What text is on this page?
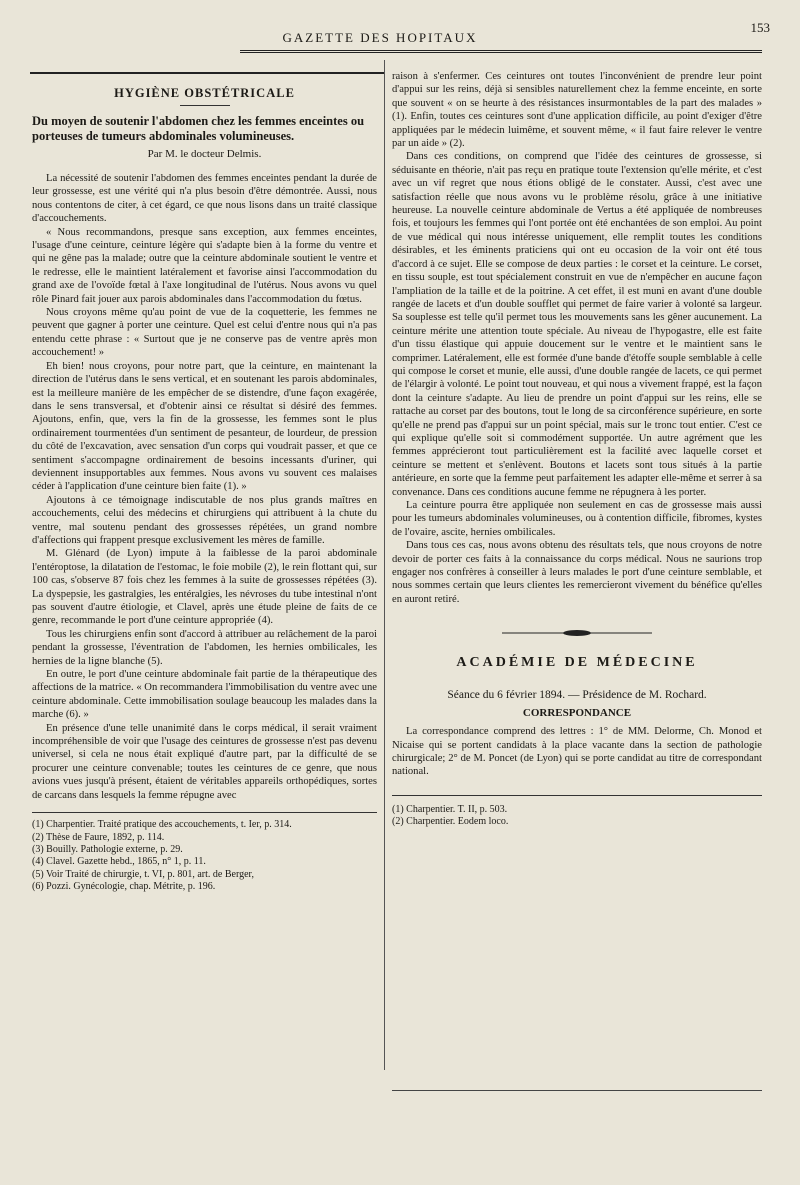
GAZETTE DES HOPITAUX
153
HYGIÈNE OBSTÉTRICALE
Du moyen de soutenir l'abdomen chez les femmes enceintes ou porteuses de tumeurs abdominales volumineuses.
Par M. le docteur Delmis.

La nécessité de soutenir l'abdomen des femmes enceintes pendant la durée de leur grossesse, est une vérité qui n'a plus besoin d'être démontrée. Aussi, nous nous contentons de citer, à cet égard, ce que nous lisons dans un traité classique d'accouchements.

« Nous recommandons, presque sans exception, aux femmes enceintes, l'usage d'une ceinture, ceinture légère qui s'adapte bien à la forme du ventre et qui ne gêne pas la malade; outre que la ceinture abdominale soutient le ventre et le redresse, elle le maintient latéralement et favorise ainsi l'accommodation du grand axe de l'ovoïde fœtal à l'axe longitudinal de l'utérus. Nous avons vu quel rôle Pinard fait jouer aux parois abdominales dans l'accommodation du fœtus.

Nous croyons même qu'au point de vue de la coquetterie, les femmes ne peuvent que gagner à porter une ceinture. Quel est celui d'entre nous qui n'a pas entendu cette phrase : « Surtout que je ne conserve pas de ventre après mon accouchement! »

Eh bien! nous croyons, pour notre part, que la ceinture, en maintenant la direction de l'utérus dans le sens vertical, et en soutenant les parois abdominales, est la meilleure manière de les empêcher de se distendre, d'une façon exagérée, dans le sens transversal, et d'obtenir ainsi ce résultat si désiré des femmes. Ajoutons, enfin, que, vers la fin de la grossesse, les femmes sont le plus ordinairement tourmentées d'un sentiment de pesanteur, de lourdeur, de pression du côté de l'excavation, avec sensation d'un corps qui voudrait passer, et que ce sentiment s'accompagne ordinairement de besoins incessants d'uriner, qui deviennent insupportables aux femmes. Nous avons vu souvent ces malaises céder à l'application d'une ceinture bien faite (1). »

Ajoutons à ce témoignage indiscutable de nos plus grands maîtres en accouchements, celui des médecins et chirurgiens qui attribuent à la chute du ventre, mal soutenu pendant des grossesses répétées, un grand nombre d'affections qui frappent presque exclusivement les mères de famille.

M. Glénard (de Lyon) impute à la faiblesse de la paroi abdominale l'entéroptose, la dilatation de l'estomac, le foie mobile (2), le rein flottant qui, sur 100 cas, s'observe 87 fois chez les femmes à la suite de grossesses répétées (3). La dyspepsie, les gastralgies, les entéralgies, les névroses du tube intestinal n'ont pas souvent d'autre étiologie, et Clavel, après une étude pleine de faits de ce genre, recommande le port d'une ceinture appropriée (4).

Tous les chirurgiens enfin sont d'accord à attribuer au relâchement de la paroi pendant la grossesse, l'éventration de l'abdomen, les hernies ombilicales, les hernies de la ligne blanche (5).

En outre, le port d'une ceinture abdominale fait partie de la thérapeutique des affections de la matrice. « On recommandera l'immobilisation du ventre avec une ceinture abdominale. Cette immobilisation soulage beaucoup les malades dans la marche (6). »

En présence d'une telle unanimité dans le corps médical, il serait vraiment incompréhensible de voir que l'usage des ceintures de grossesse n'est pas devenu universel, si cela ne nous était expliqué d'autre part, par la difficulté de se procurer une ceinture convenable; toutes les ceintures de ce genre, que nous avions vues jusqu'à présent, étaient de véritables appareils orthopédiques, sortes de carcans dans lesquels la femme répugne avec

(1) Charpentier. Traité pratique des accouchements, t. Ier, p. 314.
(2) Thèse de Faure, 1892, p. 114.
(3) Bouilly. Pathologie externe, p. 29.
(4) Clavel. Gazette hebd., 1865, n° 1, p. 11.
(5) Voir Traité de chirurgie, t. VI, p. 801, art. de Berger,
(6) Pozzi. Gynécologie, chap. Métrite, p. 196.

raison à s'enfermer. Ces ceintures ont toutes l'inconvénient de prendre leur point d'appui sur les reins, déjà si sensibles naturellement chez la femme enceinte, en sorte que souvent « on se heurte à des résistances insurmontables de la part des malades » (1). Enfin, toutes ces ceintures sont d'une application difficile, au point d'exiger d'être appliquées par le médecin luimême, et souvent même, « il faut faire relever le ventre par un aide » (2).

Dans ces conditions, on comprend que l'idée des ceintures de grossesse, si séduisante en théorie, n'ait pas reçu en pratique toute l'extension qu'elle mérite, et c'est avec un vif regret que nous étions obligé de le constater. Aussi, c'est avec une satisfaction réelle que nous avons vu le problème résolu, grâce à une initiative heureuse. La nouvelle ceinture abdominale de Vertus a été appliquée de nombreuses fois, et toujours les femmes qui l'ont portée ont été enchantées de son emploi. Au point de vue médical qui nous intéresse uniquement, elle remplit toutes les conditions désirables, et les éminents praticiens qui ont eu occasion de la voir ont été tous d'accord à ce sujet. Elle se compose de deux parties : le corset et la ceinture. Le corset, en tissu souple, est tout spécialement construit en vue de n'empêcher en aucune façon l'ampliation de la taille et de la poitrine. A cet effet, il est muni en avant d'une double rangée de lacets et d'un double soufflet qui permet de faire varier à volonté sa largeur. Sa souplesse est telle qu'il permet tous les mouvements sans les gêner aucunement. La ceinture mérite une attention toute spéciale. Au niveau de l'hypogastre, elle est faite d'un tissu élastique qui appuie doucement sur le ventre et le maintient sans le comprimer. Latéralement, elle est formée d'une bande d'étoffe souple semblable à celle qui compose le corset et munie, elle aussi, d'une double rangée de lacets, ce qui permet de l'élargir à volonté. Le point tout nouveau, et qui nous a vivement frappé, est la façon dont la ceinture s'adapte. Au lieu de prendre un point d'appui sur les reins, elle se rattache au corset par des boutons, tout le long de sa circonférence supérieure, en sorte qu'elle ne prend pas d'appui sur un point spécial, mais sur le tronc tout entier. C'est ce qui explique qu'elle soit si commodément supportée. Un autre agrément que les femmes apprécieront tout particulièrement est la facilité avec laquelle corset et ceinture se mettent et s'enlèvent. Boutons et lacets sont tous situés à la partie antérieure, en sorte que la femme peut parfaitement les adapter elle-même et serrer à sa convenance. Dans ces conditions aucune femme ne répugnera à les porter.

La ceinture pourra être appliquée non seulement en cas de grossesse mais aussi pour les tumeurs abdominales volumineuses, ou à contention difficile, fibromes, kystes de l'ovaire, ascite, hernies ombilicales.

Dans tous ces cas, nous avons obtenu des résultats tels, que nous croyons de notre devoir de porter ces faits à la connaissance du corps médical. Nous ne saurions trop engager nos confrères à conseiller à leurs malades le port d'une ceinture semblable, et nous sommes certain que leurs clientes les remercieront vivement du bénéfice qu'elles en auront retiré.

ACADÉMIE DE MÉDECINE
Séance du 6 février 1894. — Présidence de M. Rochard.
CORRESPONDANCE

La correspondance comprend des lettres : 1° de MM. Delorme, Ch. Monod et Nicaise qui se portent candidats à la place vacante dans la section de pathologie chirurgicale; 2° de M. Poncet (de Lyon) qui se porte candidat au titre de correspondant national.

(1) Charpentier. T. II, p. 503.
(2) Charpentier. Eodem loco.
